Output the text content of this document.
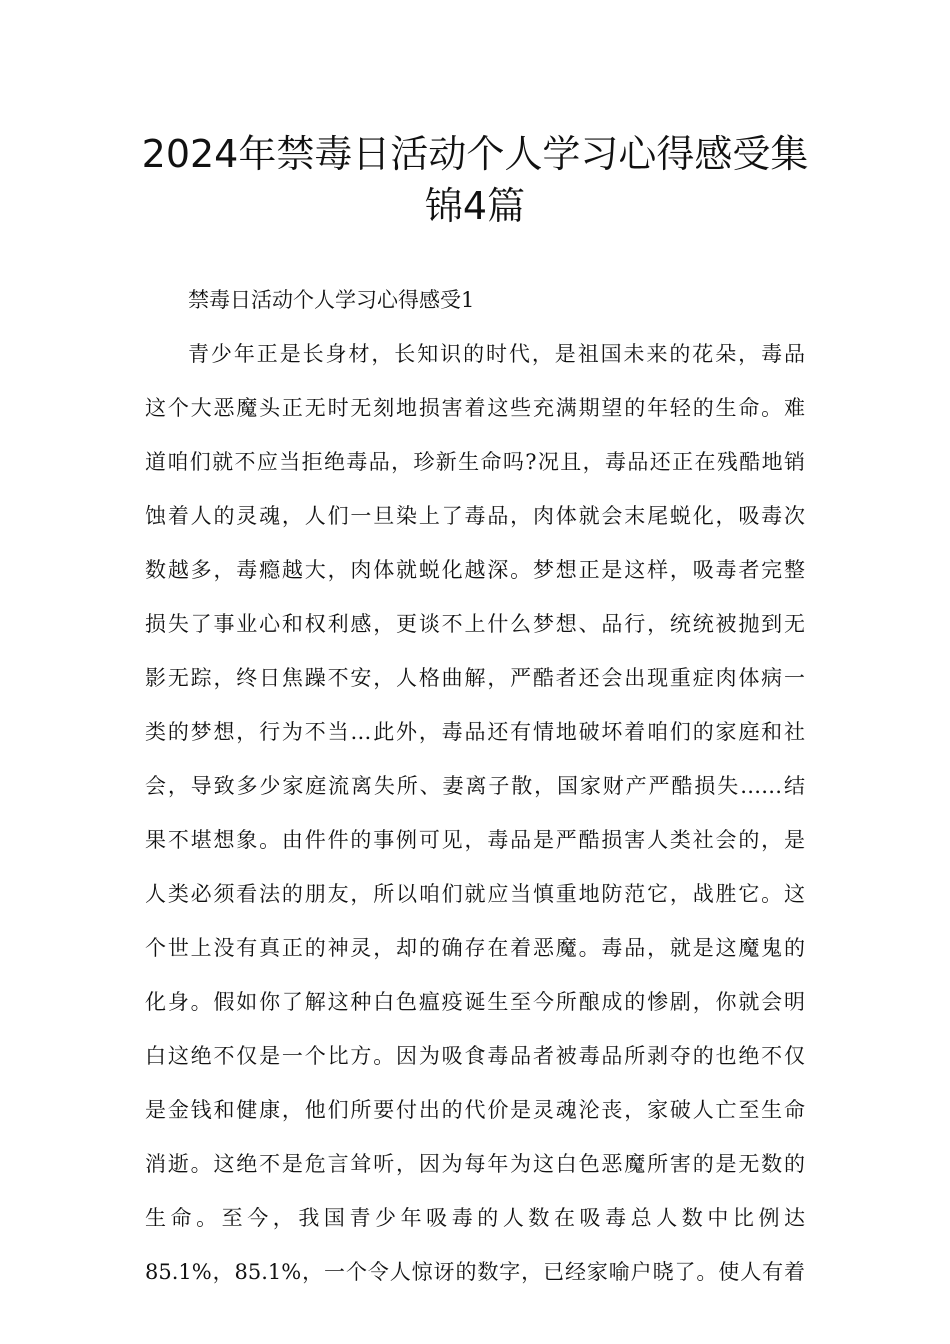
2024年禁毒日活动个人学习心得感受集
锦4篇

禁毒日活动个人学习心得感受1

青少年正是长身材，长知识的时代，是祖国未来的花朵，毒品

这个大恶魔头正无时无刻地损害着这些充满期望的年轻的生命。难

道咱们就不应当拒绝毒品，珍新生命吗?况且，毒品还正在残酷地销

蚀着人的灵魂，人们一旦染上了毒品，肉体就会末尾蜕化，吸毒次

数越多，毒瘾越大，肉体就蜕化越深。梦想正是这样，吸毒者完整

损失了事业心和权利感，更谈不上什么梦想、品行，统统被抛到无

影无踪，终日焦躁不安，人格曲解，严酷者还会出现重症肉体病一

类的梦想，行为不当…此外，毒品还有情地破坏着咱们的家庭和社

会，导致多少家庭流离失所、妻离子散，国家财产严酷损失……结

果不堪想象。由件件的事例可见，毒品是严酷损害人类社会的，是

人类必须看法的朋友，所以咱们就应当慎重地防范它，战胜它。这

个世上没有真正的神灵，却的确存在着恶魔。毒品，就是这魔鬼的

化身。假如你了解这种白色瘟疫诞生至今所酿成的惨剧，你就会明

白这绝不仅是一个比方。因为吸食毒品者被毒品所剥夺的也绝不仅

是金钱和健康，他们所要付出的代价是灵魂沦丧，家破人亡至生命

消逝。这绝不是危言耸听，因为每年为这白色恶魔所害的是无数的

生命。至今，我国青少年吸毒的人数在吸毒总人数中比例达

85.1%，85.1%，一个令人惊讶的数字，已经家喻户晓了。使人有着
